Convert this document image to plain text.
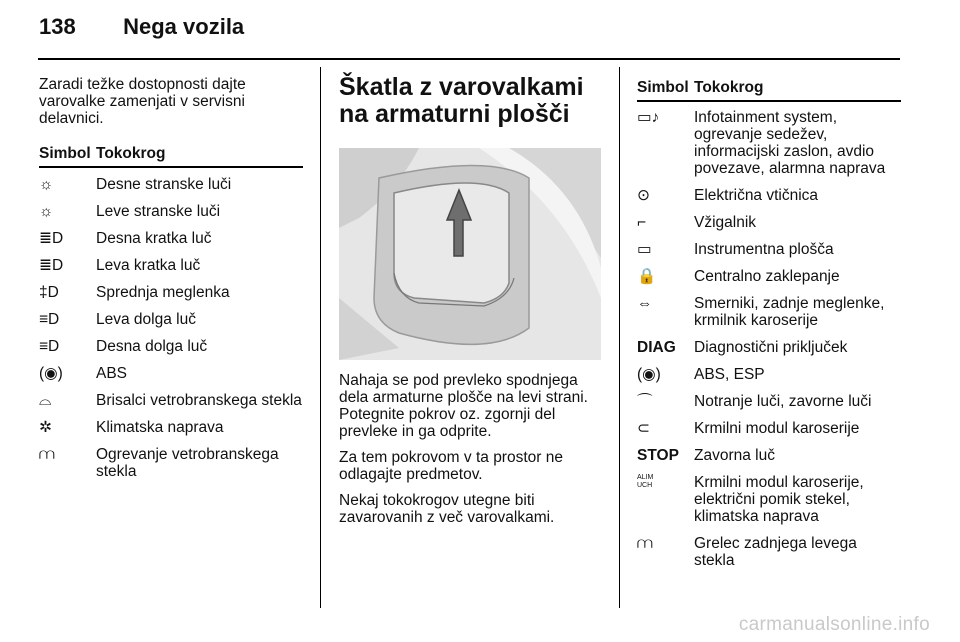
138 Nega vozila

Zaradi težke dostopnosti dajte varovalke zamenjati v servisni delavnici.

Simbol	Tokokrog
☼	Desne stranske luči
☼	Leve stranske luči
≣D	Desna kratka luč
≣D	Leva kratka luč
‡D	Sprednja meglenka
≡D	Leva dolga luč
≡D	Desna dolga luč
(◉)	ABS
⌓	Brisalci vetrobranskega stekla
✲	Klimatska naprava
⩋	Ogrevanje vetrobranskega stekla
Škatla z varovalkami na armaturni plošči

Nahaja se pod prevleko spodnjega dela armaturne plošče na levi strani. Potegnite pokrov oz. zgornji del prevleke in ga odprite.

Za tem pokrovom v ta prostor ne odlagajte predmetov.

Nekaj tokokrogov utegne biti zavarovanih z več varovalkami.

Simbol	Tokokrog
▭♪	Infotainment system, ogrevanje sedežev, informacijski zaslon, avdio povezave, alarmna naprava
⊙	Električna vtičnica
⌐	Vžigalnik
▭	Instrumentna plošča
🔒	Centralno zaklepanje
⇔	Smerniki, zadnje meglenke, krmilnik karoserije
DIAG	Diagnostični priključek
(◉)	ABS, ESP
⌒	Notranje luči, zavorne luči
⊂	Krmilni modul karoserije
STOP	Zavorna luč
ALIM UCH	Krmilni modul karoserije, električni pomik stekel, klimatska naprava
⩋	Grelec zadnjega levega stekla
carmanualsonline.info
